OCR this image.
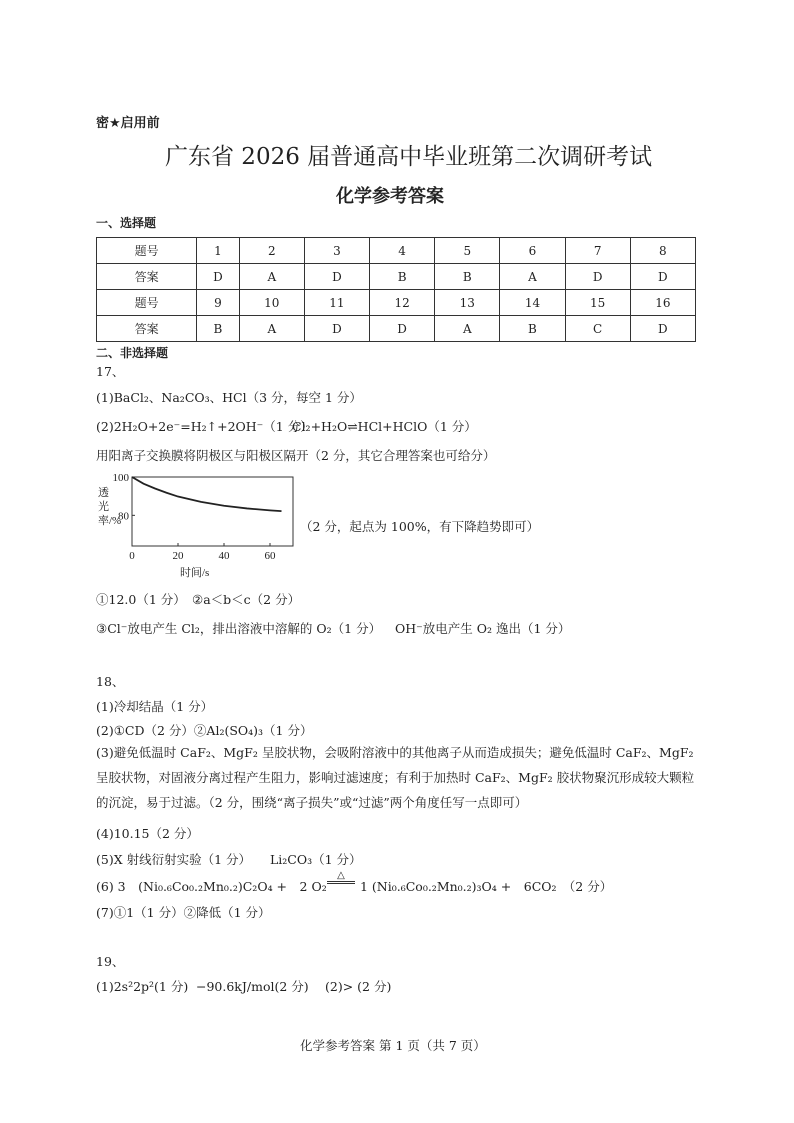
密★启用前
广东省 2026 届普通高中毕业班第二次调研考试
化学参考答案
一、选择题
题号	1	2	3	4	5	6	7	8
答案	D	A	D	B	B	A	D	D
题号	9	10	11	12	13	14	15	16
答案	B	A	D	D	A	B	C	D
二、非选择题
17、
(1)BaCl₂、Na₂CO₃、HCl（3 分，每空 1 分）
(2)2H₂O+2e⁻=H₂↑+2OH⁻（1 分）
Cl₂+H₂O⇌HCl+HClO（1 分）
用阳离子交换膜将阴极区与阳极区隔开（2 分，其它合理答案也可给分）
时间/s
0	20	40	60
100
80
透光率/%	（2 分，起点为 100%，有下降趋势即可）
①12.0（1 分） ②a＜b＜c（2 分）
③Cl⁻放电产生 Cl₂，排出溶液中溶解的 O₂（1 分） OH⁻放电产生 O₂ 逸出（1 分）
18、
(1)冷却结晶（1 分）
(2)①CD（2 分）②Al₂(SO₄)₃（1 分）
(3)避免低温时 CaF₂、MgF₂ 呈胶状物，会吸附溶液中的其他离子从而造成损失；避免低温时 CaF₂、MgF₂ 呈胶状物，对固液分离过程产生阻力，影响过滤速度；有利于加热时 CaF₂、MgF₂ 胶状物聚沉形成较大颗粒的沉淀，易于过滤。（2 分，围绕“离子损失”或“过滤”两个角度任写一点即可）
(4)10.15（2 分）
(5)X 射线衍射实验（1 分） Li₂CO₃（1 分）
(6) 3　(Ni₀.₆Co₀.₂Mn₀.₂)C₂O₄ +　2 O₂
△
1 (Ni₀.₆Co₀.₂Mn₀.₂)₃O₄ +　6CO₂　（2 分）
(7)①1（1 分）②降低（1 分）
19、
(1)2s²2p²(1 分) −90.6kJ/mol(2 分) (2)> (2 分)
化学参考答案 第 1 页（共 7 页）
